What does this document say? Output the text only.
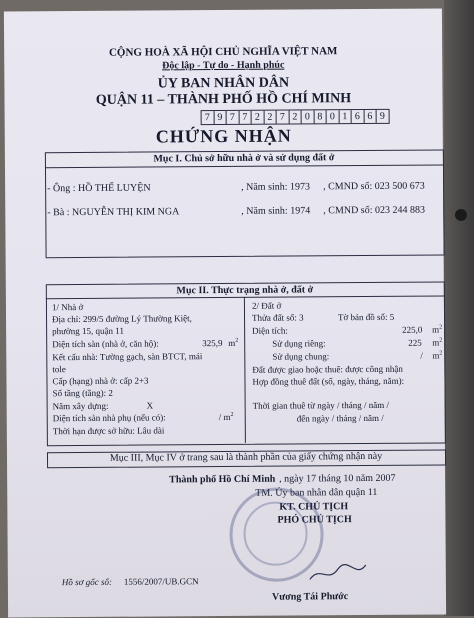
CỘNG HOÀ XÃ HỘI CHỦ NGHĨA VIỆT NAM
Độc lập - Tự do - Hạnh phúc
ỦY BAN NHÂN DÂN
QUẬN 11 – THÀNH PHỐ HỒ CHÍ MINH
7 9 7 7 2 2 7 2 0 8 0 1 6 6 9
CHỨNG NHẬN
Mục I. Chủ sở hữu nhà ở và sử dụng đất ở
- Ông : HỒ THẾ LUYỆN	, Năm sinh: 1973 , CMND số: 023 500 673
- Bà : NGUYỄN THỊ KIM NGA	, Năm sinh: 1974 , CMND số: 023 244 883
Mục II. Thực trạng nhà ở, đất ở
1/ Nhà ở
Địa chỉ: 299/5 đường Lý Thường Kiệt,
phường 15, quận 11
Diện tích sàn (nhà ở, căn hộ):	325,9 $m^2$
Kết cấu nhà: Tường gạch, sàn BTCT, mái
tole
Cấp (hạng) nhà ở: cấp 2+3
Số tầng (tầng): 2
Năm xây dựng:	X
Diện tích sàn nhà phụ (nếu có):	/ $m^2$
Thời hạn được sở hữu: Lâu dài
2/ Đất ở
Thửa đất số: 3	Tờ bản đồ số: 5
Diện tích:	225,0 $m^2$
Sử dụng riêng:	225 $m^2$
Sử dụng chung:	/ $m^2$
Đất được giao hoặc thuê: được công nhận
Hợp đồng thuê đất (số, ngày, tháng, năm):
Thời gian thuê từ ngày / tháng / năm /
đến ngày / tháng / năm /
Mục III, Mục IV ở trang sau là thành phần của giấy chứng nhận này
Thành phố Hồ Chí Minh , ngày 17 tháng 10 năm 2007
TM. Ủy ban nhân dân quận 11
KT. CHỦ TỊCH
PHÓ CHỦ TỊCH
Vương Tái Phước
Hồ sơ gốc số: 1556/2007/UB.GCN
